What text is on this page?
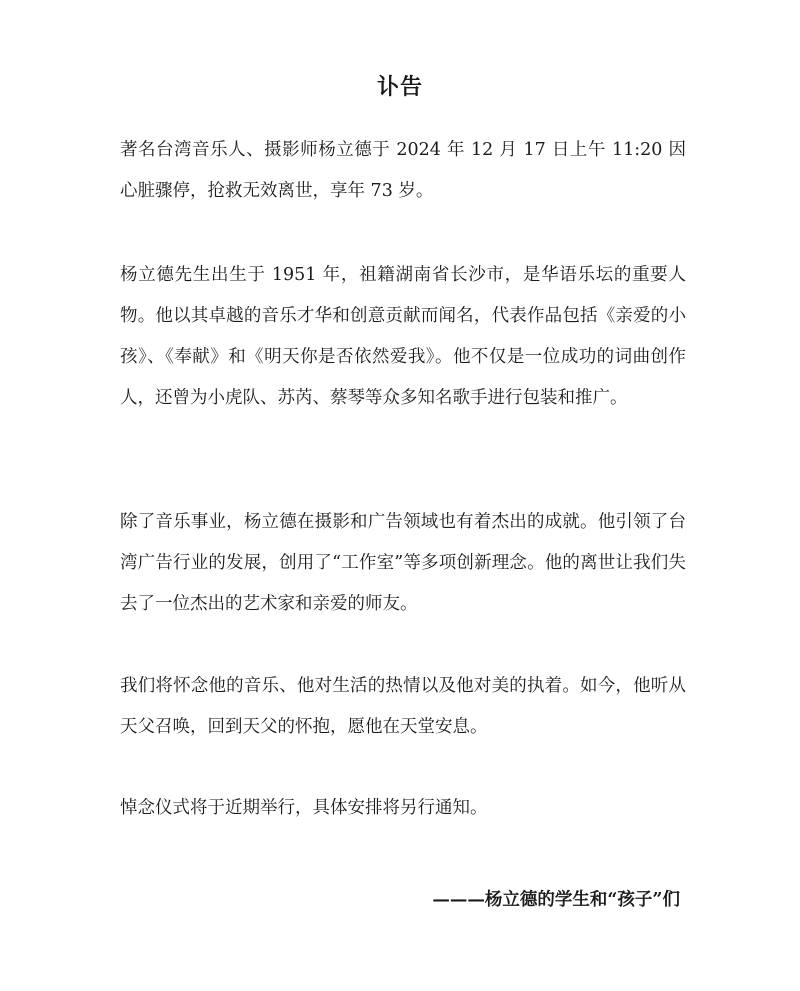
讣告

著名台湾音乐人、摄影师杨立德于 2024 年 12 月 17 日上午 11:20 因心脏骤停，抢救无效离世，享年 73 岁。

杨立德先生出生于 1951 年，祖籍湖南省长沙市，是华语乐坛的重要人物。他以其卓越的音乐才华和创意贡献而闻名，代表作品包括《亲爱的小孩》、《奉献》和《明天你是否依然爱我》。他不仅是一位成功的词曲创作人，还曾为小虎队、苏芮、蔡琴等众多知名歌手进行包装和推广。

除了音乐事业，杨立德在摄影和广告领域也有着杰出的成就。他引领了台湾广告行业的发展，创用了“工作室”等多项创新理念。他的离世让我们失去了一位杰出的艺术家和亲爱的师友。

我们将怀念他的音乐、他对生活的热情以及他对美的执着。如今，他听从天父召唤，回到天父的怀抱，愿他在天堂安息。

悼念仪式将于近期举行，具体安排将另行通知。

———杨立德的学生和“孩子”们
